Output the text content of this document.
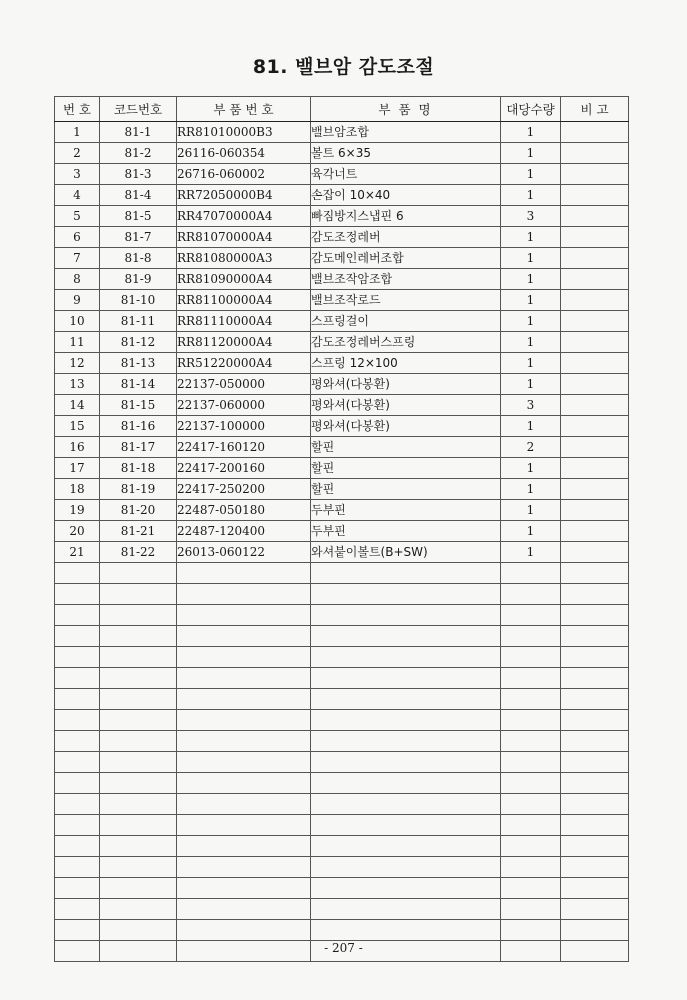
81. 밸브암 감도조절
번 호	코드번호	부 품 번 호	부 품 명	대당수량	비 고
1	81-1	RR81010000B3	밸브암조합	1	
2	81-2	26116-060354	볼트 6×35	1	
3	81-3	26716-060002	육각너트	1	
4	81-4	RR72050000B4	손잡이 10×40	1	
5	81-5	RR47070000A4	빠짐방지스냅핀 6	3	
6	81-7	RR81070000A4	감도조정레버	1	
7	81-8	RR81080000A3	감도메인레버조합	1	
8	81-9	RR81090000A4	밸브조작암조합	1	
9	81-10	RR81100000A4	밸브조작로드	1	
10	81-11	RR81110000A4	스프링걸이	1	
11	81-12	RR81120000A4	감도조정레버스프링	1	
12	81-13	RR51220000A4	스프링 12×100	1	
13	81-14	22137-050000	평와셔(다봉환)	1	
14	81-15	22137-060000	평와셔(다봉환)	3	
15	81-16	22137-100000	평와셔(다봉환)	1	
16	81-17	22417-160120	할핀	2	
17	81-18	22417-200160	할핀	1	
18	81-19	22417-250200	할핀	1	
19	81-20	22487-050180	두부핀	1	
20	81-21	22487-120400	두부핀	1	
21	81-22	26013-060122	와셔붙이볼트(B+SW)	1	

- 207 -
